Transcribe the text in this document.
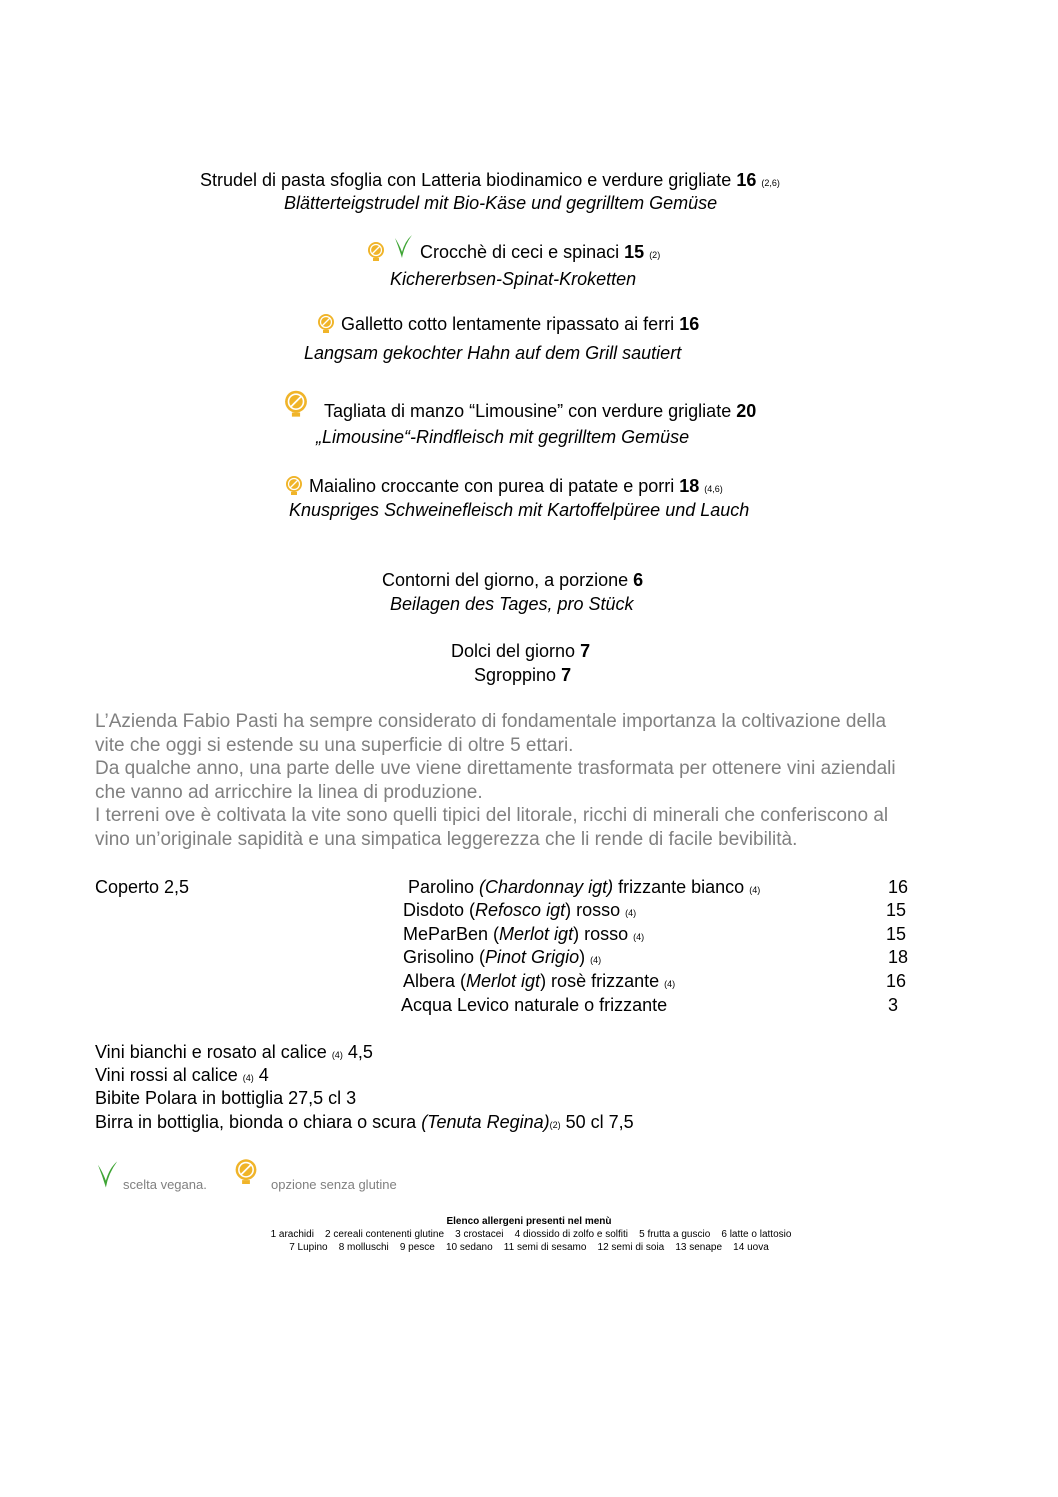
Strudel di pasta sfoglia con Latteria biodinamico e verdure grigliate 16 (2,6)
Blätterteigstrudel mit Bio-Käse und gegrilltem Gemüse
Crocchè di ceci e spinaci 15 (2)
Kichererbsen-Spinat-Kroketten
Galletto cotto lentamente ripassato ai ferri 16
Langsam gekochter Hahn auf dem Grill sautiert
Tagliata di manzo “Limousine” con verdure grigliate 20
„Limousine“-Rindfleisch mit gegrilltem Gemüse
Maialino croccante con purea di patate e porri 18 (4,6)
Knuspriges Schweinefleisch mit Kartoffelpüree und Lauch
Contorni del giorno, a porzione 6
Beilagen des Tages, pro Stück
Dolci del giorno 7
Sgroppino 7
L’Azienda Fabio Pasti ha sempre considerato di fondamentale importanza la coltivazione della
vite che oggi si estende su una superficie di oltre 5 ettari.
Da qualche anno, una parte delle uve viene direttamente trasformata per ottenere vini aziendali
che vanno ad arricchire la linea di produzione.
I terreni ove è coltivata la vite sono quelli tipici del litorale, ricchi di minerali che conferiscono al
vino un’originale sapidità e una simpatica leggerezza che li rende di facile bevibilità.
Coperto 2,5	Parolino (Chardonnay igt) frizzante bianco (4)	16
Disdoto (Refosco igt) rosso (4)	15
MeParBen (Merlot igt) rosso (4)	15
Grisolino (Pinot Grigio) (4)	18
Albera (Merlot igt) rosè frizzante (4)	16
Acqua Levico naturale o frizzante	3
Vini bianchi e rosato al calice (4) 4,5
Vini rossi al calice (4) 4
Bibite Polara in bottiglia 27,5 cl 3
Birra in bottiglia, bionda o chiara o scura (Tenuta Regina)(2) 50 cl 7,5
scelta vegana.	opzione senza glutine
Elenco allergeni presenti nel menù
1 arachidi    2 cereali contenenti glutine    3 crostacei    4 diossido di zolfo e solfiti    5 frutta a guscio    6 latte o lattosio
7 Lupino    8 molluschi    9 pesce    10 sedano    11 semi di sesamo    12 semi di soia    13 senape    14 uova
